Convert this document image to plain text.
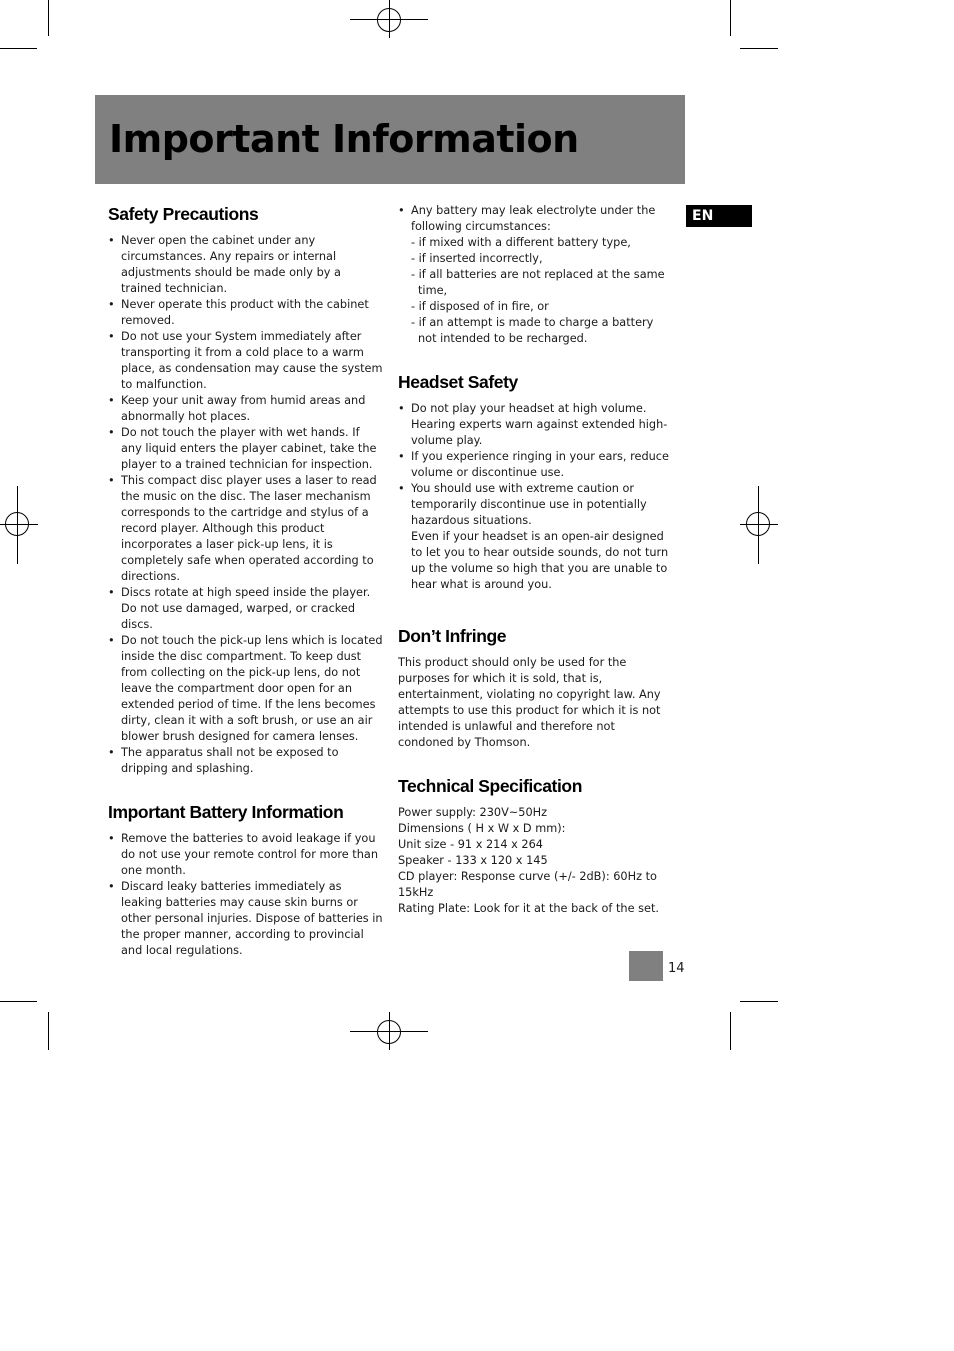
Important Information
EN
Safety Precautions
• Never open the cabinet under any circumstances. Any repairs or internal adjustments should be made only by a trained technician.
• Never operate this product with the cabinet removed.
• Do not use your System immediately after transporting it from a cold place to a warm place, as condensation may cause the system to malfunction.
• Keep your unit away from humid areas and abnormally hot places.
• Do not touch the player with wet hands. If any liquid enters the player cabinet, take the player to a trained technician for inspection.
• This compact disc player uses a laser to read the music on the disc. The laser mechanism corresponds to the cartridge and stylus of a record player. Although this product incorporates a laser pick-up lens, it is completely safe when operated according to directions.
• Discs rotate at high speed inside the player. Do not use damaged, warped, or cracked discs.
• Do not touch the pick-up lens which is located inside the disc compartment. To keep dust from collecting on the pick-up lens, do not leave the compartment door open for an extended period of time. If the lens becomes dirty, clean it with a soft brush, or use an air blower brush designed for camera lenses.
• The apparatus shall not be exposed to dripping and splashing.
Important Battery Information
• Remove the batteries to avoid leakage if you do not use your remote control for more than one month.
• Discard leaky batteries immediately as leaking batteries may cause skin burns or other personal injuries. Dispose of batteries in the proper manner, according to provincial and local regulations.
• Any battery may leak electrolyte under the following circumstances:
- if mixed with a different battery type,
- if inserted incorrectly,
- if all batteries are not replaced at the same time,
- if disposed of in fire, or
- if an attempt is made to charge a battery not intended to be recharged.
Headset Safety
• Do not play your headset at high volume. Hearing experts warn against extended high-volume play.
• If you experience ringing in your ears, reduce volume or discontinue use.
• You should use with extreme caution or temporarily discontinue use in potentially hazardous situations.

Even if your headset is an open-air designed to let you to hear outside sounds, do not turn up the volume so high that you are unable to hear what is around you.

Don’t Infringe

This product should only be used for the purposes for which it is sold, that is, entertainment, violating no copyright law. Any attempts to use this product for which it is not intended is unlawful and therefore not condoned by Thomson.

Technical Specification

Power supply: 230V~50Hz

Dimensions ( H x W x D mm):

Unit size - 91 x 214 x 264

Speaker - 133 x 120 x 145

CD player: Response curve (+/- 2dB): 60Hz to 15kHz

Rating Plate: Look for it at the back of the set.

14
